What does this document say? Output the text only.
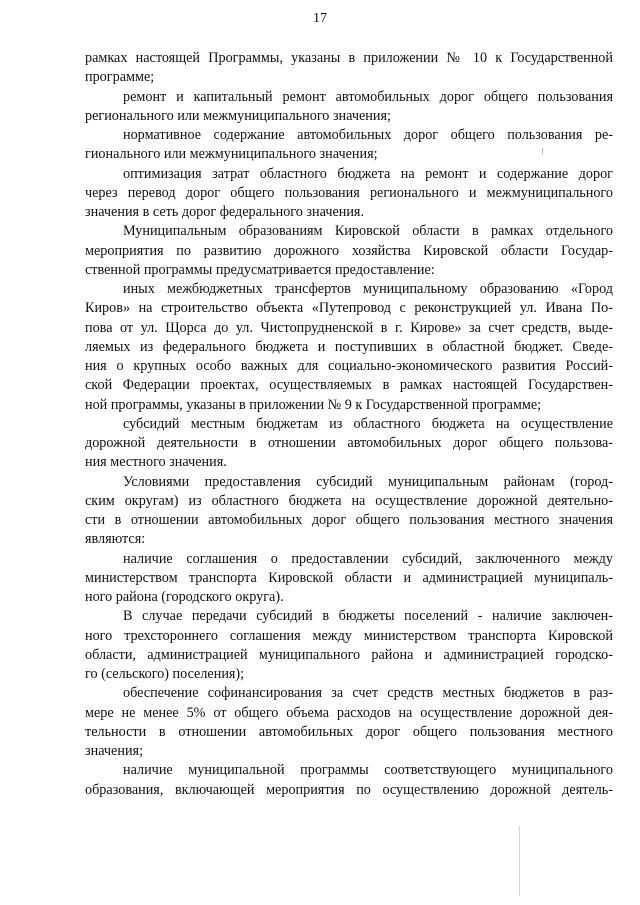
17
рамках настоящей Программы, указаны в приложении № 10 к Государственной
программе;
ремонт и капитальный ремонт автомобильных дорог общего пользования
регионального или межмуниципального значения;
нормативное содержание автомобильных дорог общего пользования ре-
гионального или межмуниципального значения;
оптимизация затрат областного бюджета на ремонт и содержание дорог
через перевод дорог общего пользования регионального и межмуниципального
значения в сеть дорог федерального значения.
Муниципальным образованиям Кировской области в рамках отдельного
мероприятия по развитию дорожного хозяйства Кировской области Государ-
ственной программы предусматривается предоставление:
иных межбюджетных трансфертов муниципальному образованию «Город
Киров» на строительство объекта «Путепровод с реконструкцией ул. Ивана По-
пова от ул. Щорса до ул. Чистопрудненской в г. Кирове» за счет средств, выде-
ляемых из федерального бюджета и поступивших в областной бюджет. Сведе-
ния о крупных особо важных для социально-экономического развития Россий-
ской Федерации проектах, осуществляемых в рамках настоящей Государствен-
ной программы, указаны в приложении № 9 к Государственной программе;
субсидий местным бюджетам из областного бюджета на осуществление
дорожной деятельности в отношении автомобильных дорог общего пользова-
ния местного значения.
Условиями предоставления субсидий муниципальным районам (город-
ским округам) из областного бюджета на осуществление дорожной деятельно-
сти в отношении автомобильных дорог общего пользования местного значения
являются:
наличие соглашения о предоставлении субсидий, заключенного между
министерством транспорта Кировской области и администрацией муниципаль-
ного района (городского округа).
В случае передачи субсидий в бюджеты поселений - наличие заключен-
ного трехстороннего соглашения между министерством транспорта Кировской
области, администрацией муниципального района и администрацией городско-
го (сельского) поселения);
обеспечение софинансирования за счет средств местных бюджетов в раз-
мере не менее 5% от общего объема расходов на осуществление дорожной дея-
тельности в отношении автомобильных дорог общего пользования местного
значения;
наличие муниципальной программы соответствующего муниципального
образования, включающей мероприятия по осуществлению дорожной деятель-
